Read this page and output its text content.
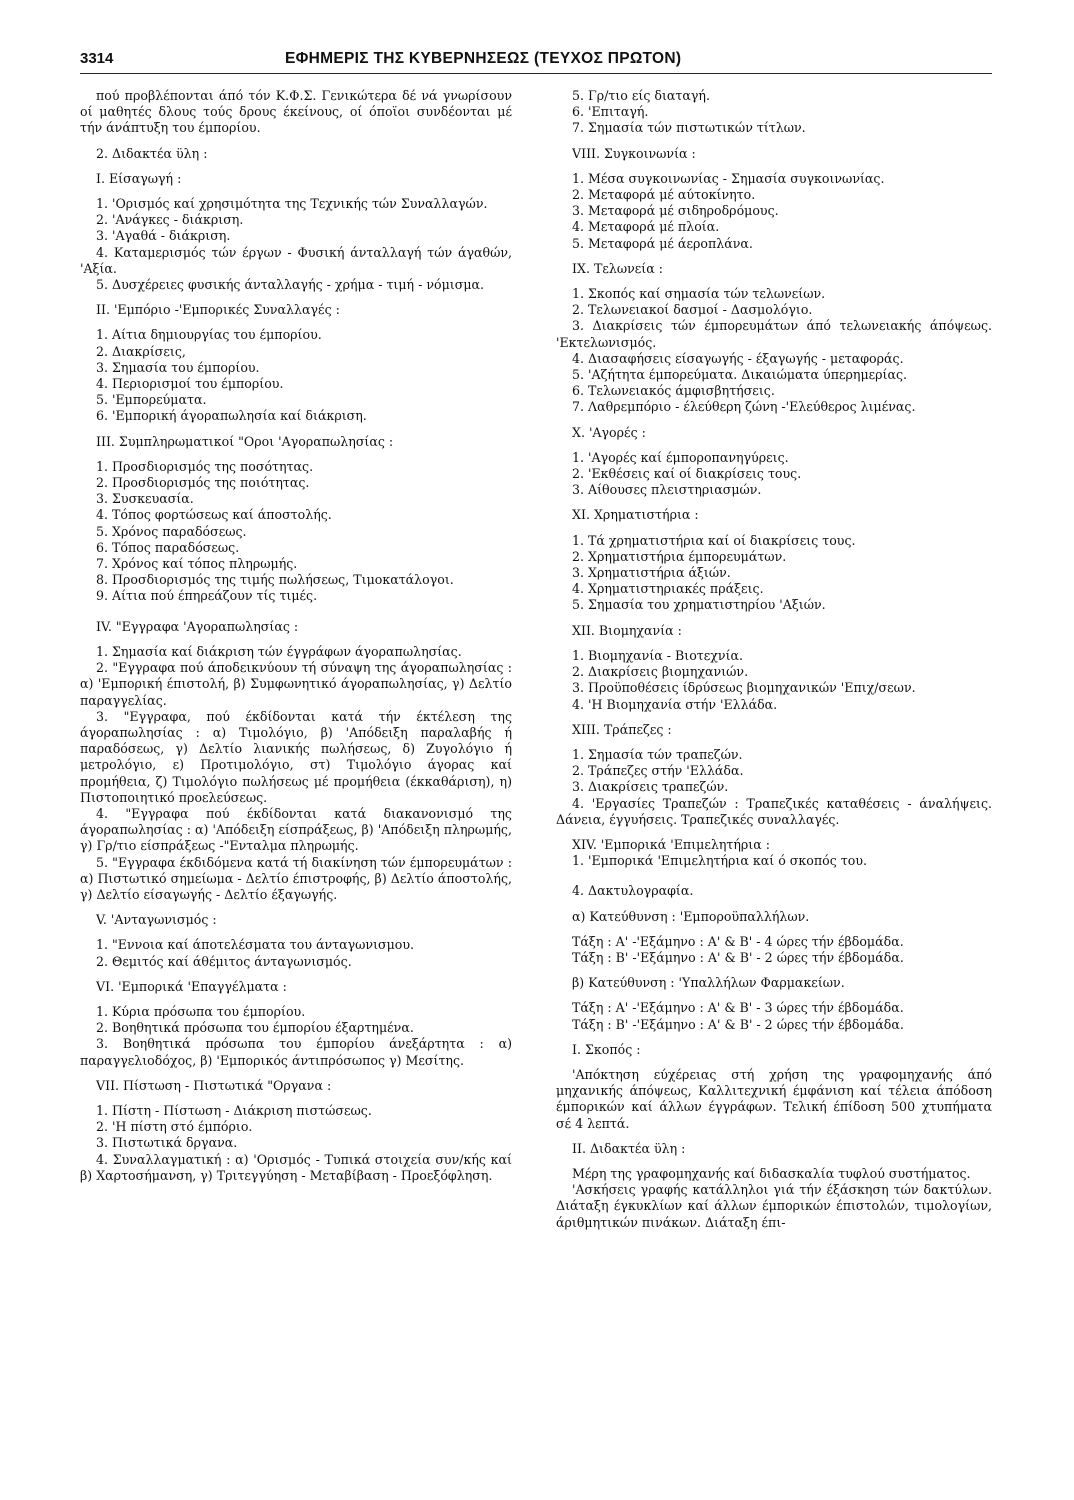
3314	ΕΦΗΜΕΡΙΣ ΤΗΣ ΚΥΒΕΡΝΗΣΕΩΣ (ΤΕΥΧΟΣ ΠΡΩΤΟΝ)

πού προβλέπονται άπό τόν Κ.Φ.Σ. Γενικώτερα δέ νά γνωρίσουν οί μαθητές δλους τούς δρους έκείνους, οί όποϊοι συνδέονται μέ τήν άνάπτυξη του έμπορίου.

2. Διδακτέα ϋλη :

Ι. Είσαγωγή :

1. 'Ορισμός καί χρησιμότητα της Τεχνικής τών Συναλλαγών.

2. 'Ανάγκες - διάκριση.

3. 'Αγαθά - διάκριση.

4. Καταμερισμός τών έργων - Φυσική άνταλλαγή τών άγαθών, 'Αξία.

5. Δυσχέρειες φυσικής άνταλλαγής - χρήμα - τιμή - νόμισμα.

ΙΙ. 'Εμπόριο -'Εμπορικές Συναλλαγές :

1. Αίτια δημιουργίας του έμπορίου.

2. Διακρίσεις,

3. Σημασία του έμπορίου.

4. Περιορισμοί του έμπορίου.

5. 'Εμπορεύματα.

6. 'Εμπορική άγοραπωλησία καί διάκριση.

ΙΙΙ. Συμπληρωματικοί "Οροι 'Αγοραπωλησίας :

1. Προσδιορισμός της ποσότητας.

2. Προσδιορισμός της ποιότητας.

3. Συσκευασία.

4. Τόπος φορτώσεως καί άποστολής.

5. Χρόνος παραδόσεως.

6. Τόπος παραδόσεως.

7. Χρόνος καί τόπος πληρωμής.

8. Προσδιορισμός της τιμής πωλήσεως, Τιμοκατάλογοι.

9. Αίτια πού έπηρεάζουν τίς τιμές.

IV. "Εγγραφα 'Αγοραπωλησίας :

1. Σημασία καί διάκριση τών έγγράφων άγοραπωλησίας.

2. "Εγγραφα πού άποδεικνύουν τή σύναψη της άγοραπωλησίας : α) 'Εμπορική έπιστολή, β) Συμφωνητικό άγοραπωλησίας, γ) Δελτίο παραγγελίας.

3. "Εγγραφα, πού έκδίδονται κατά τήν έκτέλεση της άγοραπωλησίας : α) Τιμολόγιο, β) 'Απόδειξη παραλαβής ή παραδόσεως, γ) Δελτίο λιανικής πωλήσεως, δ) Ζυγολόγιο ή μετρολόγιο, ε) Προτιμολόγιο, στ) Τιμολόγιο άγορας καί προμήθεια, ζ) Τιμολόγιο πωλήσεως μέ προμήθεια (έκκαθάριση), η) Πιστοποιητικό προελεύσεως.

4. "Εγγραφα πού έκδίδονται κατά διακανονισμό της άγοραπωλησίας : α) 'Απόδειξη είσπράξεως, β) 'Απόδειξη πληρωμής, γ) Γρ/τιο είσπράξεως -"Ενταλμα πληρωμής.

5. "Εγγραφα έκδιδόμενα κατά τή διακίνηση τών έμπορευμάτων : α) Πιστωτικό σημείωμα - Δελτίο έπιστροφής, β) Δελτίο άποστολής, γ) Δελτίο είσαγωγής - Δελτίο έξαγωγής.

V. 'Ανταγωνισμός :

1. "Εννοια καί άποτελέσματα του άνταγωνισμου.

2. Θεμιτός καί άθέμιτος άνταγωνισμός.

VI. 'Εμπορικά 'Επαγγέλματα :

1. Κύρια πρόσωπα του έμπορίου.

2. Βοηθητικά πρόσωπα του έμπορίου έξαρτημένα.

3. Βοηθητικά πρόσωπα του έμπορίου άνεξάρτητα : α) παραγγελιοδόχος, β) 'Εμπορικός άντιπρόσωπος γ) Μεσίτης.

VII. Πίστωση - Πιστωτικά "Οργανα :

1. Πίστη - Πίστωση - Διάκριση πιστώσεως.

2. 'Η πίστη στό έμπόριο.

3. Πιστωτικά δργανα.

4. Συναλλαγματική : α) 'Ορισμός - Τυπικά στοιχεία συν/κής καί β) Χαρτοσήμανση, γ) Τριτεγγύηση - Μεταβίβαση - Προεξόφληση.

5. Γρ/τιο είς διαταγή.

6. 'Επιταγή.

7. Σημασία τών πιστωτικών τίτλων.

VIII. Συγκοινωνία :

1. Μέσα συγκοινωνίας - Σημασία συγκοινωνίας.

2. Μεταφορά μέ αύτοκίνητο.

3. Μεταφορά μέ σιδηροδρόμους.

4. Μεταφορά μέ πλοία.

5. Μεταφορά μέ άεροπλάνα.

ΙΧ. Τελωνεία :

1. Σκοπός καί σημασία τών τελωνείων.

2. Τελωνειακοί δασμοί - Δασμολόγιο.

3. Διακρίσεις τών έμπορευμάτων άπό τελωνειακής άπόψεως. 'Εκτελωνισμός.

4. Διασαφήσεις είσαγωγής - έξαγωγής - μεταφοράς.

5. 'Αζήτητα έμπορεύματα. Δικαιώματα ύπερημερίας.

6. Τελωνειακός άμφισβητήσεις.

7. Λαθρεμπόριο - έλεύθερη ζώνη -'Ελεύθερος λιμένας.

Χ. 'Αγορές :

1. 'Αγορές καί έμποροπανηγύρεις.

2. 'Εκθέσεις καί οί διακρίσεις τους.

3. Αίθουσες πλειστηριασμών.

ΧΙ. Χρηματιστήρια :

1. Τά χρηματιστήρια καί οί διακρίσεις τους.

2. Χρηματιστήρια έμπορευμάτων.

3. Χρηματιστήρια άξιών.

4. Χρηματιστηριακές πράξεις.

5. Σημασία του χρηματιστηρίου 'Αξιών.

ΧΙΙ. Βιομηχανία :

1. Βιομηχανία - Βιοτεχνία.

2. Διακρίσεις βιομηχανιών.

3. Προϋποθέσεις ίδρύσεως βιομηχανικών 'Επιχ/σεων.

4. 'Η Βιομηχανία στήν 'Ελλάδα.

ΧΙΙΙ. Τράπεζες :

1. Σημασία τών τραπεζών.

2. Τράπεζες στήν 'Ελλάδα.

3. Διακρίσεις τραπεζών.

4. 'Εργασίες Τραπεζών : Τραπεζικές καταθέσεις - άναλήψεις. Δάνεια, έγγυήσεις. Τραπεζικές συναλλαγές.

XIV. 'Εμπορικά 'Επιμελητήρια :

1. 'Εμπορικά 'Επιμελητήρια καί ό σκοπός του.

4. Δακτυλογραφία.

α) Κατεύθυνση : 'Εμποροϋπαλλήλων.

Τάξη : Α' -'Εξάμηνο : Α' & Β' - 4 ώρες τήν έβδομάδα.

Τάξη : Β' -'Εξάμηνο : Α' & Β' - 2 ώρες τήν έβδομάδα.

β) Κατεύθυνση : 'Υπαλλήλων Φαρμακείων.

Τάξη : Α' -'Εξάμηνο : Α' & Β' - 3 ώρες τήν έβδομάδα.

Τάξη : Β' -'Εξάμηνο : Α' & Β' - 2 ώρες τήν έβδομάδα.

Ι. Σκοπός :

'Απόκτηση εύχέρειας στή χρήση της γραφομηχανής άπό μηχανικής άπόψεως, Καλλιτεχνική έμφάνιση καί τέλεια άπόδοση έμπορικών καί άλλων έγγράφων. Τελική έπίδοση 500 χτυπήματα σέ 4 λεπτά.

ΙΙ. Διδακτέα ϋλη :

Μέρη της γραφομηχανής καί διδασκαλία τυφλού συστήματος.

'Ασκήσεις γραφής κατάλληλοι γιά τήν έξάσκηση τών δακτύλων. Διάταξη έγκυκλίων καί άλλων έμπορικών έπιστολών, τιμολογίων, άριθμητικών πινάκων. Διάταξη έπι-
